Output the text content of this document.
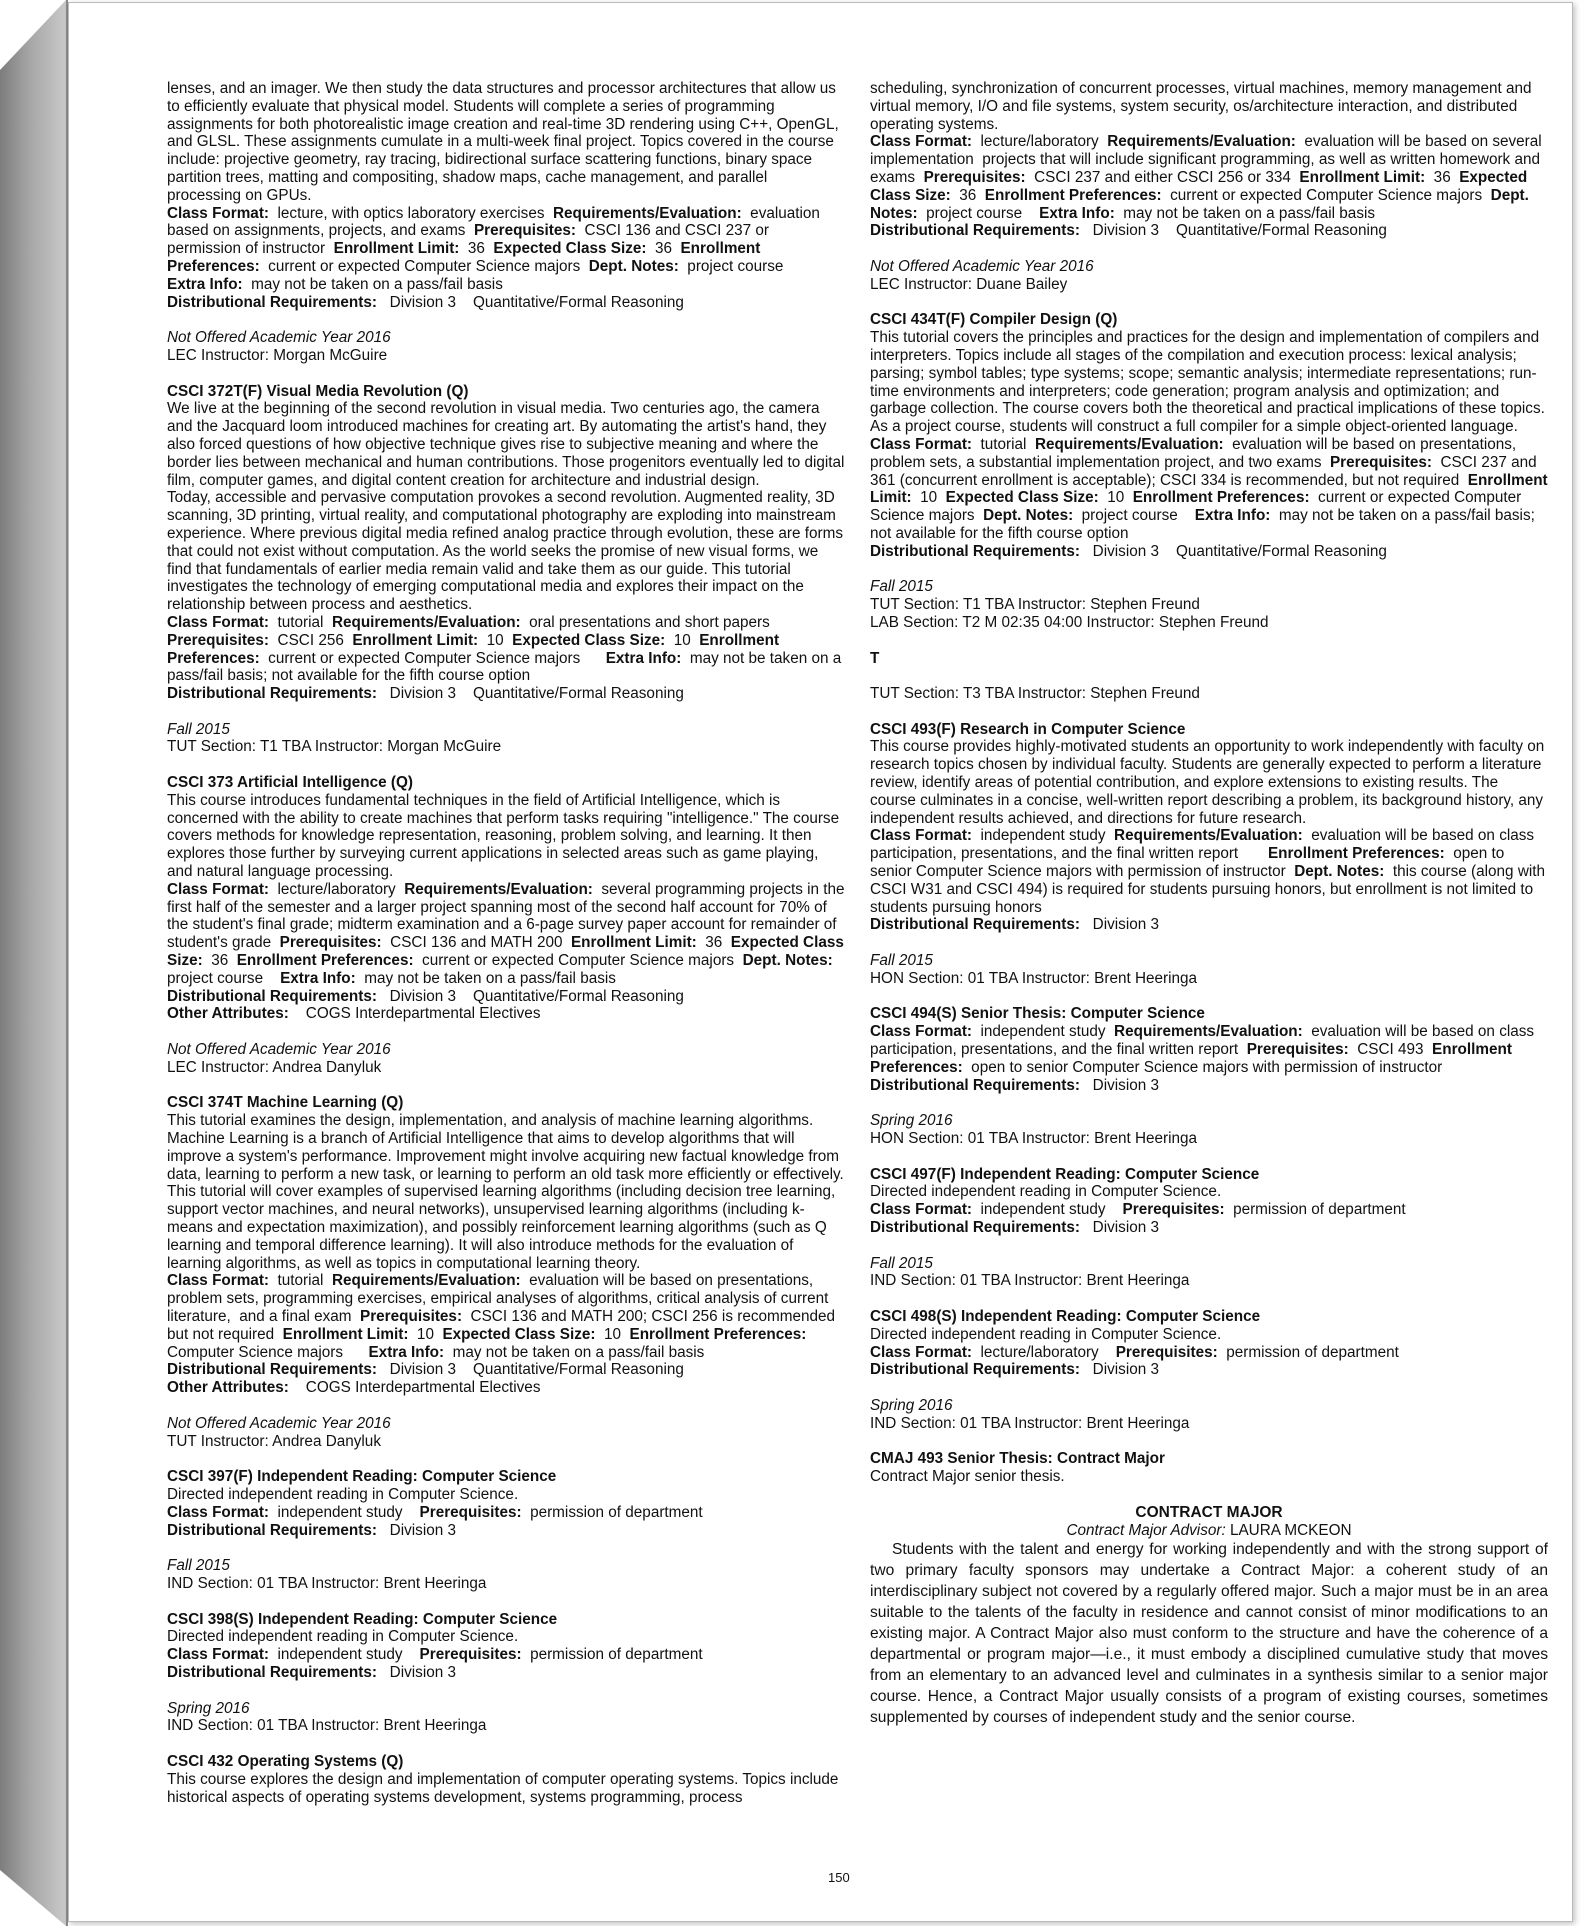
lenses, and an imager. We then study the data structures and processor architectures that allow us to efficiently evaluate that physical model. Students will complete a series of programming assignments for both photorealistic image creation and real-time 3D rendering using C++, OpenGL, and GLSL. These assignments cumulate in a multi-week final project. Topics covered in the course include: projective geometry, ray tracing, bidirectional surface scattering functions, binary space partition trees, matting and compositing, shadow maps, cache management, and parallel processing on GPUs.

Class Format:  lecture, with optics laboratory exercises  Requirements/Evaluation:  evaluation based on assignments, projects, and exams  Prerequisites:  CSCI 136 and CSCI 237 or permission of instructor  Enrollment Limit:  36  Expected Class Size:  36  Enrollment Preferences:  current or expected Computer Science majors  Dept. Notes:  project course

Extra Info:  may not be taken on a pass/fail basis

Distributional Requirements:   Division 3    Quantitative/Formal Reasoning

Not Offered Academic Year 2016

LEC Instructor: Morgan McGuire

CSCI 372T(F) Visual Media Revolution (Q)

We live at the beginning of the second revolution in visual media. Two centuries ago, the camera and the Jacquard loom introduced machines for creating art. By automating the artist's hand, they also forced questions of how objective technique gives rise to subjective meaning and where the border lies between mechanical and human contributions. Those progenitors eventually led to digital film, computer games, and digital content creation for architecture and industrial design.

Today, accessible and pervasive computation provokes a second revolution. Augmented reality, 3D scanning, 3D printing, virtual reality, and computational photography are exploding into mainstream experience. Where previous digital media refined analog practice through evolution, these are forms that could not exist without computation. As the world seeks the promise of new visual forms, we find that fundamentals of earlier media remain valid and take them as our guide. This tutorial investigates the technology of emerging computational media and explores their impact on the relationship between process and aesthetics.

Class Format:  tutorial  Requirements/Evaluation:  oral presentations and short papers  Prerequisites:  CSCI 256  Enrollment Limit:  10  Expected Class Size:  10  Enrollment Preferences:  current or expected Computer Science majors      Extra Info:  may not be taken on a pass/fail basis; not available for the fifth course option

Distributional Requirements:   Division 3    Quantitative/Formal Reasoning

Fall 2015

TUT Section: T1 TBA Instructor: Morgan McGuire

CSCI 373 Artificial Intelligence (Q)

This course introduces fundamental techniques in the field of Artificial Intelligence, which is concerned with the ability to create machines that perform tasks requiring "intelligence." The course covers methods for knowledge representation, reasoning, problem solving, and learning. It then explores those further by surveying current applications in selected areas such as game playing, and natural language processing.

Class Format:  lecture/laboratory  Requirements/Evaluation:  several programming projects in the first half of the semester and a larger project spanning most of the second half account for 70% of the student's final grade; midterm examination and a 6-page survey paper account for remainder of student's grade  Prerequisites:  CSCI 136 and MATH 200  Enrollment Limit:  36  Expected Class Size:  36  Enrollment Preferences:  current or expected Computer Science majors  Dept. Notes:  project course    Extra Info:  may not be taken on a pass/fail basis

Distributional Requirements:   Division 3    Quantitative/Formal Reasoning

Other Attributes:    COGS Interdepartmental Electives

Not Offered Academic Year 2016

LEC Instructor: Andrea Danyluk

CSCI 374T Machine Learning (Q)

This tutorial examines the design, implementation, and analysis of machine learning algorithms. Machine Learning is a branch of Artificial Intelligence that aims to develop algorithms that will improve a system's performance. Improvement might involve acquiring new factual knowledge from data, learning to perform a new task, or learning to perform an old task more efficiently or effectively. This tutorial will cover examples of supervised learning algorithms (including decision tree learning, support vector machines, and neural networks), unsupervised learning algorithms (including k-means and expectation maximization), and possibly reinforcement learning algorithms (such as Q learning and temporal difference learning). It will also introduce methods for the evaluation of learning algorithms, as well as topics in computational learning theory.

Class Format:  tutorial  Requirements/Evaluation:  evaluation will be based on presentations, problem sets, programming exercises, empirical analyses of algorithms, critical analysis of current literature,  and a final exam  Prerequisites:  CSCI 136 and MATH 200; CSCI 256 is recommended but not required  Enrollment Limit:  10  Expected Class Size:  10  Enrollment Preferences:  Computer Science majors      Extra Info:  may not be taken on a pass/fail basis

Distributional Requirements:   Division 3    Quantitative/Formal Reasoning

Other Attributes:    COGS Interdepartmental Electives

Not Offered Academic Year 2016

TUT Instructor: Andrea Danyluk

CSCI 397(F) Independent Reading: Computer Science

Directed independent reading in Computer Science.

Class Format:  independent study    Prerequisites:  permission of department

Distributional Requirements:   Division 3

Fall 2015

IND Section: 01 TBA Instructor: Brent Heeringa

CSCI 398(S) Independent Reading: Computer Science

Directed independent reading in Computer Science.

Class Format:  independent study    Prerequisites:  permission of department

Distributional Requirements:   Division 3

Spring 2016

IND Section: 01 TBA Instructor: Brent Heeringa

CSCI 432 Operating Systems (Q)

This course explores the design and implementation of computer operating systems. Topics include historical aspects of operating systems development, systems programming, process

scheduling, synchronization of concurrent processes, virtual machines, memory management and virtual memory, I/O and file systems, system security, os/architecture interaction, and distributed operating systems.

Class Format:  lecture/laboratory  Requirements/Evaluation:  evaluation will be based on several implementation  projects that will include significant programming, as well as written homework and exams  Prerequisites:  CSCI 237 and either CSCI 256 or 334  Enrollment Limit:  36  Expected Class Size:  36  Enrollment Preferences:  current or expected Computer Science majors  Dept. Notes:  project course    Extra Info:  may not be taken on a pass/fail basis

Distributional Requirements:   Division 3    Quantitative/Formal Reasoning

Not Offered Academic Year 2016

LEC Instructor: Duane Bailey

CSCI 434T(F) Compiler Design (Q)

This tutorial covers the principles and practices for the design and implementation of compilers and interpreters. Topics include all stages of the compilation and execution process: lexical analysis; parsing; symbol tables; type systems; scope; semantic analysis; intermediate representations; run-time environments and interpreters; code generation; program analysis and optimization; and garbage collection. The course covers both the theoretical and practical implications of these topics. As a project course, students will construct a full compiler for a simple object-oriented language.

Class Format:  tutorial  Requirements/Evaluation:  evaluation will be based on presentations, problem sets, a substantial implementation project, and two exams  Prerequisites:  CSCI 237 and 361 (concurrent enrollment is acceptable); CSCI 334 is recommended, but not required  Enrollment Limit:  10  Expected Class Size:  10  Enrollment Preferences:  current or expected Computer Science majors  Dept. Notes:  project course    Extra Info:  may not be taken on a pass/fail basis; not available for the fifth course option

Distributional Requirements:   Division 3    Quantitative/Formal Reasoning

Fall 2015

TUT Section: T1 TBA Instructor: Stephen Freund

LAB Section: T2 M 02:35 04:00 Instructor: Stephen Freund

T

TUT Section: T3 TBA Instructor: Stephen Freund

CSCI 493(F) Research in Computer Science

This course provides highly-motivated students an opportunity to work independently with faculty on research topics chosen by individual faculty. Students are generally expected to perform a literature review, identify areas of potential contribution, and explore extensions to existing results. The course culminates in a concise, well-written report describing a problem, its background history, any independent results achieved, and directions for future research.

Class Format:  independent study  Requirements/Evaluation:  evaluation will be based on class participation, presentations, and the final written report       Enrollment Preferences:  open to senior Computer Science majors with permission of instructor  Dept. Notes:  this course (along with CSCI W31 and CSCI 494) is required for students pursuing honors, but enrollment is not limited to students pursuing honors

Distributional Requirements:   Division 3

Fall 2015

HON Section: 01 TBA Instructor: Brent Heeringa

CSCI 494(S) Senior Thesis: Computer Science

Class Format:  independent study  Requirements/Evaluation:  evaluation will be based on class participation, presentations, and the final written report  Prerequisites:  CSCI 493  Enrollment Preferences:  open to senior Computer Science majors with permission of instructor

Distributional Requirements:   Division 3

Spring 2016

HON Section: 01 TBA Instructor: Brent Heeringa

CSCI 497(F) Independent Reading: Computer Science

Directed independent reading in Computer Science.

Class Format:  independent study    Prerequisites:  permission of department

Distributional Requirements:   Division 3

Fall 2015

IND Section: 01 TBA Instructor: Brent Heeringa

CSCI 498(S) Independent Reading: Computer Science

Directed independent reading in Computer Science.

Class Format:  lecture/laboratory    Prerequisites:  permission of department

Distributional Requirements:   Division 3

Spring 2016

IND Section: 01 TBA Instructor: Brent Heeringa

CMAJ 493 Senior Thesis: Contract Major

Contract Major senior thesis.

CONTRACT MAJOR

Contract Major Advisor: LAURA MCKEON

Students with the talent and energy for working independently and with the strong support of two primary faculty sponsors may undertake a Contract Major: a coherent study of an interdisciplinary subject not covered by a regularly offered major. Such a major must be in an area suitable to the talents of the faculty in residence and cannot consist of minor modifications to an existing major. A Contract Major also must conform to the structure and have the coherence of a departmental or program major—i.e., it must embody a disciplined cumulative study that moves from an elementary to an advanced level and culminates in a synthesis similar to a senior major course. Hence, a Contract Major usually consists of a program of existing courses, sometimes supplemented by courses of independent study and the senior course.

150
